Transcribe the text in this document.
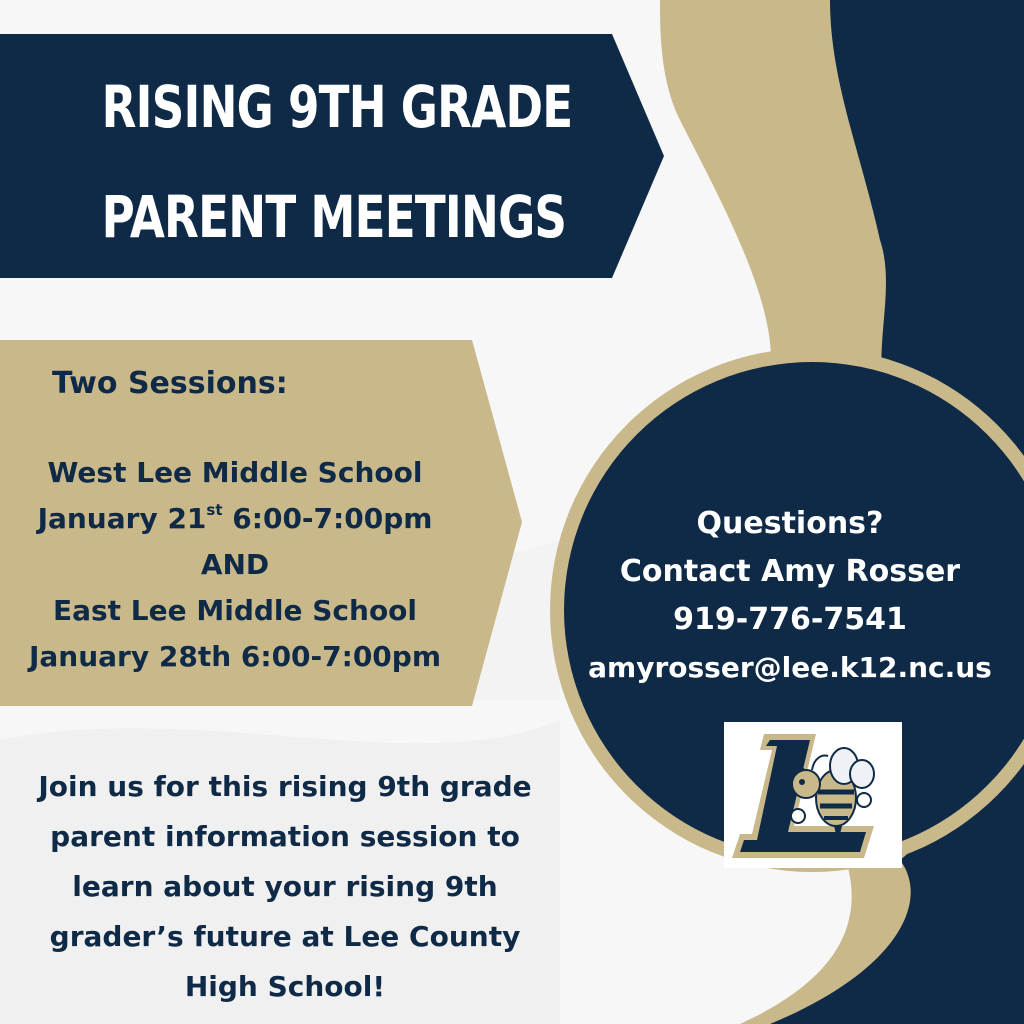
RISING 9TH GRADE
PARENT MEETINGS
Two Sessions:
West Lee Middle School
January 21st 6:00-7:00pm
AND
East Lee Middle School
January 28th 6:00-7:00pm
Questions?
Contact Amy Rosser
919-776-7541
amyrosser@lee.k12.nc.us
Join us for this rising 9th grade
parent information session to
learn about your rising 9th
grader’s future at Lee County
High School!
